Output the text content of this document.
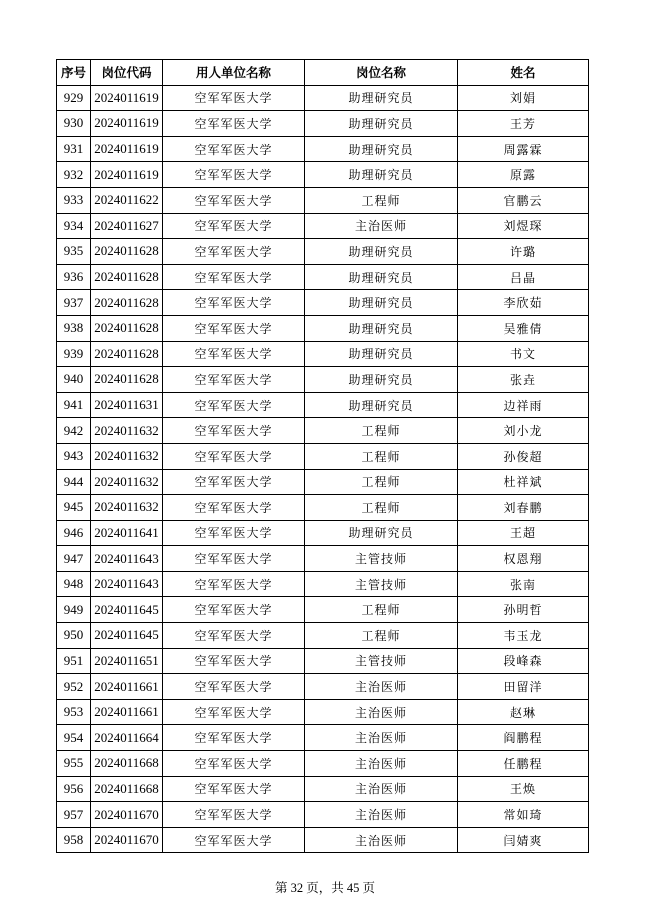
序号	岗位代码	用人单位名称	岗位名称	姓名
929	2024011619	空军军医大学	助理研究员	刘娟
930	2024011619	空军军医大学	助理研究员	王芳
931	2024011619	空军军医大学	助理研究员	周露霖
932	2024011619	空军军医大学	助理研究员	原露
933	2024011622	空军军医大学	工程师	官鹏云
934	2024011627	空军军医大学	主治医师	刘煜琛
935	2024011628	空军军医大学	助理研究员	许璐
936	2024011628	空军军医大学	助理研究员	吕晶
937	2024011628	空军军医大学	助理研究员	李欣茹
938	2024011628	空军军医大学	助理研究员	吴雅倩
939	2024011628	空军军医大学	助理研究员	书文
940	2024011628	空军军医大学	助理研究员	张垚
941	2024011631	空军军医大学	助理研究员	边祥雨
942	2024011632	空军军医大学	工程师	刘小龙
943	2024011632	空军军医大学	工程师	孙俊超
944	2024011632	空军军医大学	工程师	杜祥斌
945	2024011632	空军军医大学	工程师	刘春鹏
946	2024011641	空军军医大学	助理研究员	王超
947	2024011643	空军军医大学	主管技师	权恩翔
948	2024011643	空军军医大学	主管技师	张南
949	2024011645	空军军医大学	工程师	孙明哲
950	2024011645	空军军医大学	工程师	韦玉龙
951	2024011651	空军军医大学	主管技师	段峰森
952	2024011661	空军军医大学	主治医师	田留洋
953	2024011661	空军军医大学	主治医师	赵琳
954	2024011664	空军军医大学	主治医师	阎鹏程
955	2024011668	空军军医大学	主治医师	任鹏程
956	2024011668	空军军医大学	主治医师	王焕
957	2024011670	空军军医大学	主治医师	常如琦
958	2024011670	空军军医大学	主治医师	闫婧爽
第 32 页，共 45 页
